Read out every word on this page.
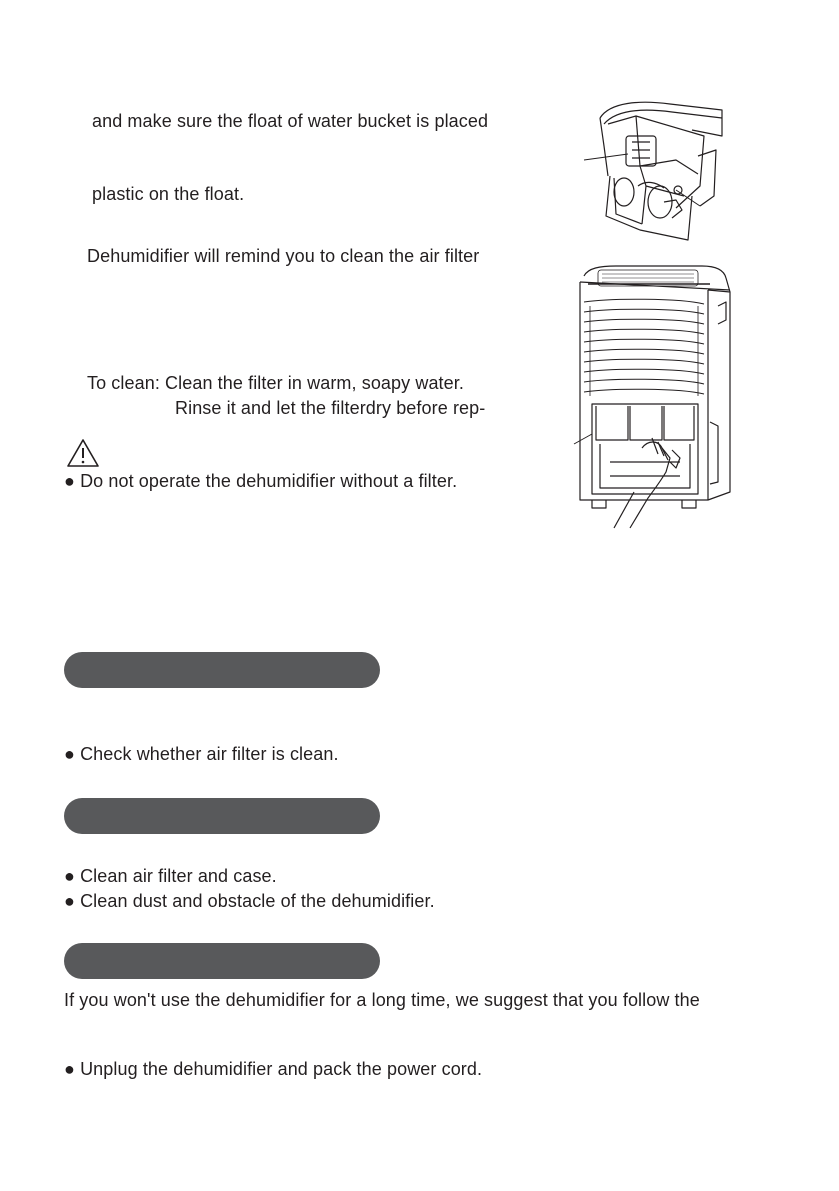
and make sure the float of water bucket is placed
plastic on the float.
Dehumidifier will remind you to clean the air filter
To clean: Clean the filter in warm, soapy water.
Rinse it and let the filterdry before rep-
● Do not operate the dehumidifier without a filter.
● Check whether air filter is clean.
● Clean air filter and case.
● Clean dust and obstacle of the dehumidifier.
If you won't use the dehumidifier for a long time, we suggest that you follow the
● Unplug the dehumidifier and pack the power cord.
